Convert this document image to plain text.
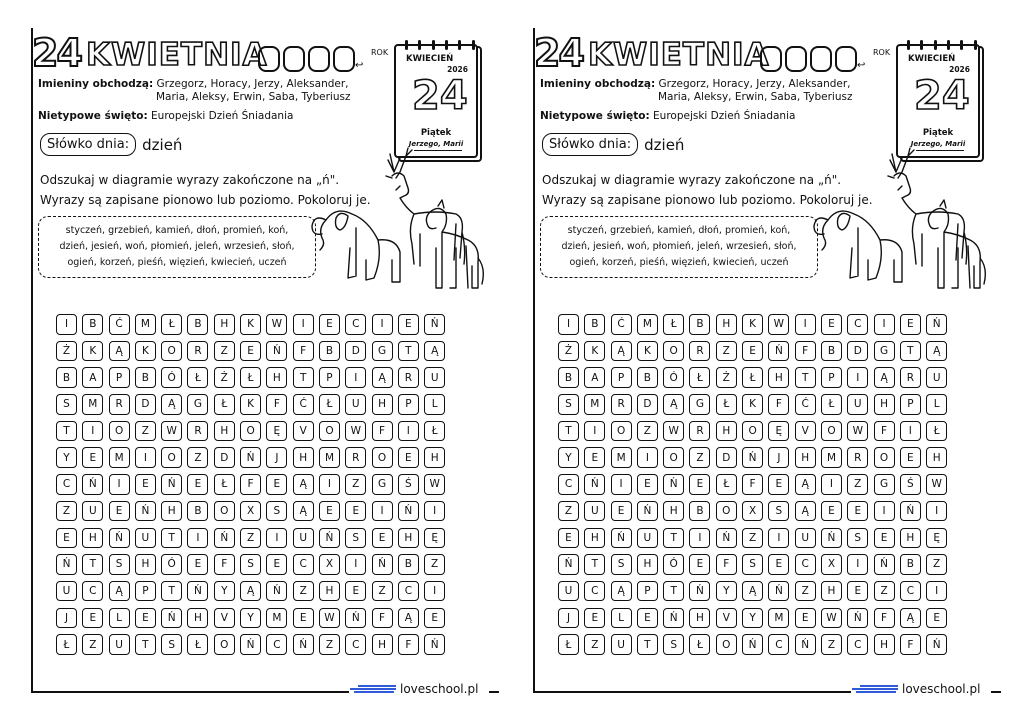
24 KWIETNIA	ROK
↩
KWIECIEŃ
2026
24
Piątek
Jerzego, Marii
Imieniny obchodzą: Grzegorz, Horacy, Jerzy, Aleksander,
Maria, Aleksy, Erwin, Saba, Tyberiusz
Nietypowe święto: Europejski Dzień Śniadania
Słówko dnia: dzień
Odszukaj w diagramie wyrazy zakończone na „ń".
Wyrazy są zapisane pionowo lub poziomo. Pokoloruj je.
styczeń, grzebień, kamień, dłoń, promień, koń,
dzień, jesień, woń, płomień, jeleń, wrzesień, słoń,
ogień, korzeń, pieśń, więzień, kwiecień, uczeń
I	B	Ć	M	Ł	B	H	K	W	I	E	C	I	E	Ń
Ż	K	Ą	K	O	R	Z	E	Ń	F	B	D	G	T	Ą
B	A	P	B	Ó	Ł	Ż	Ł	H	T	P	I	Ą	R	U
S	M	R	D	Ą	G	Ł	K	F	Ć	Ł	U	H	P	L
T	I	O	Z	W	R	H	O	Ę	V	O	W	F	I	Ł
Y	E	M	I	O	Z	D	Ń	J	H	M	R	O	E	H
C	Ń	I	E	Ń	E	Ł	F	E	Ą	I	Z	G	Ś	W
Z	U	E	Ń	H	B	O	X	S	Ą	E	E	I	Ń	I
E	H	Ń	U	T	I	Ń	Z	I	U	Ń	S	E	H	Ę
Ń	T	S	H	Ó	E	F	S	E	C	X	I	Ń	B	Z
U	C	Ą	P	T	Ń	Y	Ą	Ń	Z	H	E	Z	C	I
J	E	L	E	Ń	H	V	Y	M	E	W	Ń	F	Ą	E
Ł	Z	U	T	S	Ł	O	Ń	C	Ń	Z	C	H	F	Ń
loveschool.pl
24 KWIETNIA	ROK
↩
KWIECIEŃ
2026
24
Piątek
Jerzego, Marii
Imieniny obchodzą: Grzegorz, Horacy, Jerzy, Aleksander,
Maria, Aleksy, Erwin, Saba, Tyberiusz
Nietypowe święto: Europejski Dzień Śniadania
Słówko dnia: dzień
Odszukaj w diagramie wyrazy zakończone na „ń".
Wyrazy są zapisane pionowo lub poziomo. Pokoloruj je.
styczeń, grzebień, kamień, dłoń, promień, koń,
dzień, jesień, woń, płomień, jeleń, wrzesień, słoń,
ogień, korzeń, pieśń, więzień, kwiecień, uczeń
I	B	Ć	M	Ł	B	H	K	W	I	E	C	I	E	Ń
Ż	K	Ą	K	O	R	Z	E	Ń	F	B	D	G	T	Ą
B	A	P	B	Ó	Ł	Ż	Ł	H	T	P	I	Ą	R	U
S	M	R	D	Ą	G	Ł	K	F	Ć	Ł	U	H	P	L
T	I	O	Z	W	R	H	O	Ę	V	O	W	F	I	Ł
Y	E	M	I	O	Z	D	Ń	J	H	M	R	O	E	H
C	Ń	I	E	Ń	E	Ł	F	E	Ą	I	Z	G	Ś	W
Z	U	E	Ń	H	B	O	X	S	Ą	E	E	I	Ń	I
E	H	Ń	U	T	I	Ń	Z	I	U	Ń	S	E	H	Ę
Ń	T	S	H	Ó	E	F	S	E	C	X	I	Ń	B	Z
U	C	Ą	P	T	Ń	Y	Ą	Ń	Z	H	E	Z	C	I
J	E	L	E	Ń	H	V	Y	M	E	W	Ń	F	Ą	E
Ł	Z	U	T	S	Ł	O	Ń	C	Ń	Z	C	H	F	Ń
loveschool.pl
